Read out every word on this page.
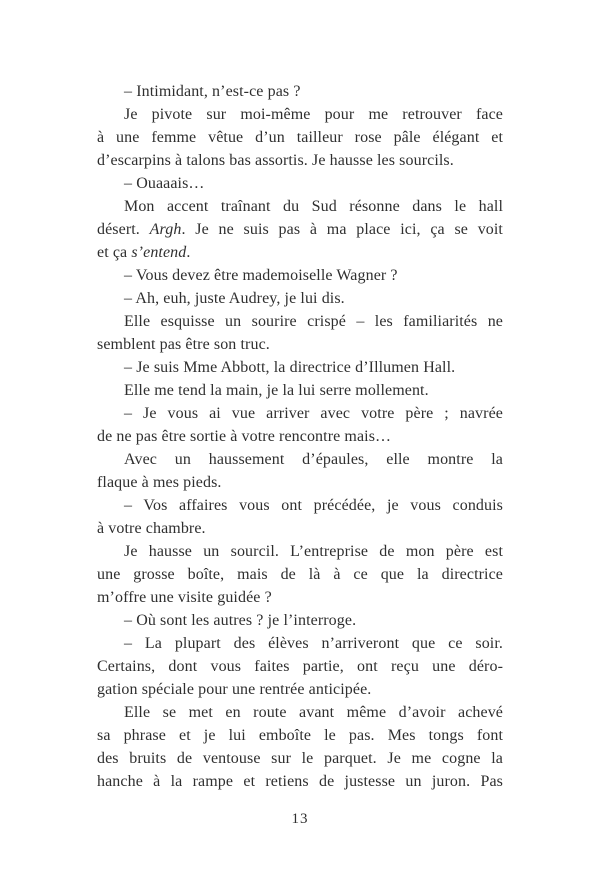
– Intimidant, n’est-ce pas ?
Je pivote sur moi-même pour me retrouver face
à une femme vêtue d’un tailleur rose pâle élégant et
d’escarpins à talons bas assortis. Je hausse les sourcils.
– Ouaaais…
Mon accent traînant du Sud résonne dans le hall
désert. Argh. Je ne suis pas à ma place ici, ça se voit
et ça s’entend.
– Vous devez être mademoiselle Wagner ?
– Ah, euh, juste Audrey, je lui dis.
Elle esquisse un sourire crispé – les familiarités ne
semblent pas être son truc.
– Je suis Mme Abbott, la directrice d’Illumen Hall.
Elle me tend la main, je la lui serre mollement.
– Je vous ai vue arriver avec votre père ; navrée
de ne pas être sortie à votre rencontre mais…
Avec un haussement d’épaules, elle montre la
flaque à mes pieds.
– Vos affaires vous ont précédée, je vous conduis
à votre chambre.
Je hausse un sourcil. L’entreprise de mon père est
une grosse boîte, mais de là à ce que la directrice
m’offre une visite guidée ?
– Où sont les autres ? je l’interroge.
– La plupart des élèves n’arriveront que ce soir.
Certains, dont vous faites partie, ont reçu une déro-
gation spéciale pour une rentrée anticipée.
Elle se met en route avant même d’avoir achevé
sa phrase et je lui emboîte le pas. Mes tongs font
des bruits de ventouse sur le parquet. Je me cogne la
hanche à la rampe et retiens de justesse un juron. Pas
13
